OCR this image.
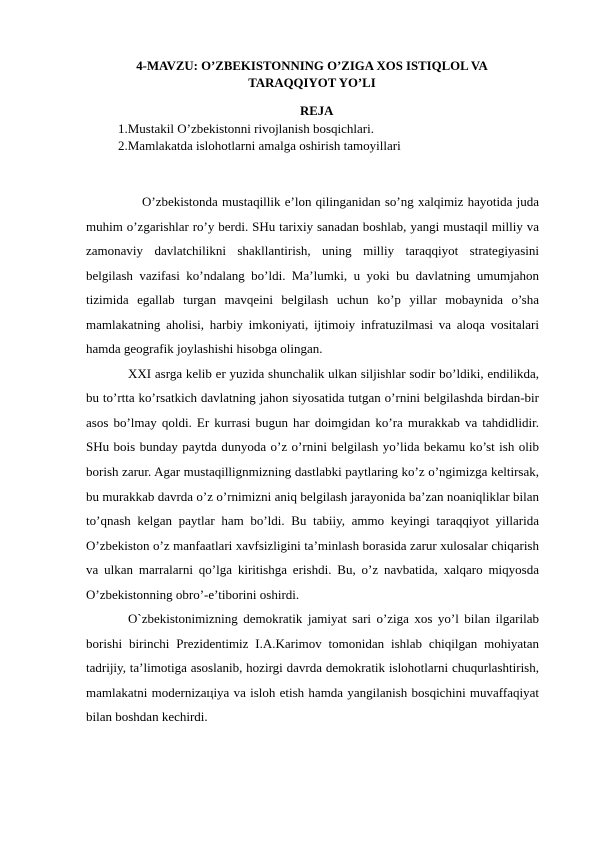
4-MAVZU: O’ZBEKISTONNING O’ZIGA XOS ISTIQLOL VA TARAQQIYOT YO’LI
REJA
1.Mustakil O’zbekistonni rivojlanish bosqichlari.
2.Mamlakatda islohotlarni amalga oshirish tamoyillari

O’zbekistonda mustaqillik e’lon qilinganidan so’ng xalqimiz hayotida juda muhim o’zgarishlar ro’y berdi. SHu tarixiy sanadan boshlab, yangi mustaqil milliy va zamonaviy davlatchilikni shakllantirish, uning milliy taraqqiyot strategiyasini belgilash vazifasi ko’ndalang bo’ldi. Ma’lumki, u yoki bu davlatning umumjahon tizimida egallab turgan mavqeini belgilash uchun ko’p yillar mobaynida o’sha mamlakatning aholisi, harbiy imkoniyati, ijtimoiy infratuzilmasi va aloqa vositalari hamda geografik joylashishi hisobga olingan.

XXI asrga kelib er yuzida shunchalik ulkan siljishlar sodir bo’ldiki, endilikda, bu to’rtta ko’rsatkich davlatning jahon siyosatida tutgan o’rnini belgilashda birdan-bir asos bo’lmay qoldi. Er kurrasi bugun har doimgidan ko’ra murakkab va tahdidlidir. SHu bois bunday paytda dunyoda o’z o’rnini belgilash yo’lida bekamu ko’st ish olib borish zarur. Agar mustaqillignmizning dastlabki paytlaring ko’z o’ngimizga keltirsak, bu murakkab davrda o’z o’rnimizni aniq belgilash jarayonida ba’zan noaniqliklar bilan to’qnash kelgan paytlar ham bo’ldi. Bu tabiiy, ammo keyingi taraqqiyot yillarida O’zbekiston o’z manfaatlari xavfsizligini ta’minlash borasida zarur xulosalar chiqarish va ulkan marralarni qo’lga kiritishga erishdi. Bu, o’z navbatida, xalqaro miqyosda O’zbekistonning obro’-e’tiborini oshirdi.

O`zbekistonimizning demokratik jamiyat sari o’ziga xos yo’l bilan ilgarilab borishi birinchi Prezidentimiz I.A.Karimov tomonidan ishlab chiqilgan mohiyatan tadrijiy, ta’limotiga asoslanib, hozirgi davrda demokratik islohotlarni chuqurlashtirish, mamlakatni modernizaцiya va isloh etish hamda yangilanish bosqichini muvaffaqiyat bilan boshdan kechirdi.
